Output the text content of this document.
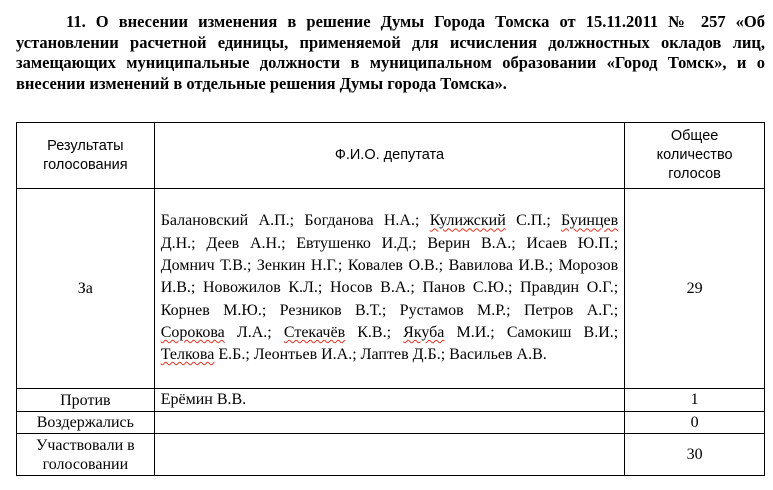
11. О внесении изменения в решение Думы Города Томска от 15.11.2011 № 257 «Об установлении расчетной единицы, применяемой для исчисления должностных окладов лиц, замещающих муниципальные должности в муниципальном образовании «Город Томск», и о внесении изменений в отдельные решения Думы города Томска».
Результаты голосования	Ф.И.О. депутата	Общее количество голосов
За	Балановский А.П.; Богданова Н.А.; Кулижский С.П.; Буинцев Д.Н.; Деев А.Н.; Евтушенко И.Д.; Верин В.А.; Исаев Ю.П.; Домнич Т.В.; Зенкин Н.Г.; Ковалев О.В.; Вавилова И.В.; Морозов И.В.; Новожилов К.Л.; Носов В.А.; Панов С.Ю.; Правдин О.Г.; Корнев М.Ю.; Резников В.Т.; Рустамов М.Р.; Петров А.Г.; Сорокова Л.А.; Стекачёв К.В.; Якуба М.И.; Самокиш В.И.; Телкова Е.Б.; Леонтьев И.А.; Лаптев Д.Б.; Васильев А.В.	29
Против	Ерёмин В.В.	1
Воздержались		0
Участвовали в голосовании		30
